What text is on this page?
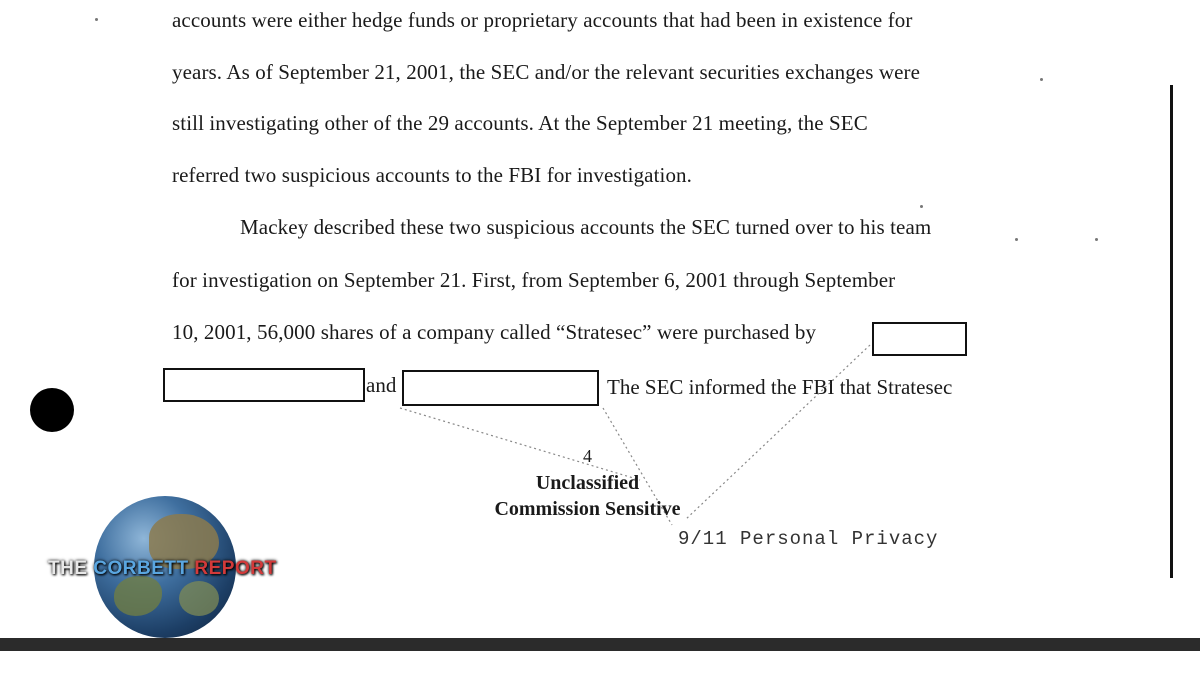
accounts were either hedge funds or proprietary accounts that had been in existence for
years. As of September 21, 2001, the SEC and/or the relevant securities exchanges were
still investigating other of the 29 accounts. At the September 21 meeting, the SEC
referred two suspicious accounts to the FBI for investigation.
Mackey described these two suspicious accounts the SEC turned over to his team
for investigation on September 21. First, from September 6, 2001 through September
10, 2001, 56,000 shares of a company called “Stratesec” were purchased by
and	The SEC informed the FBI that Stratesec
4
Unclassified
Commission Sensitive
9/11 Personal Privacy
THE CORBETT REPORT
